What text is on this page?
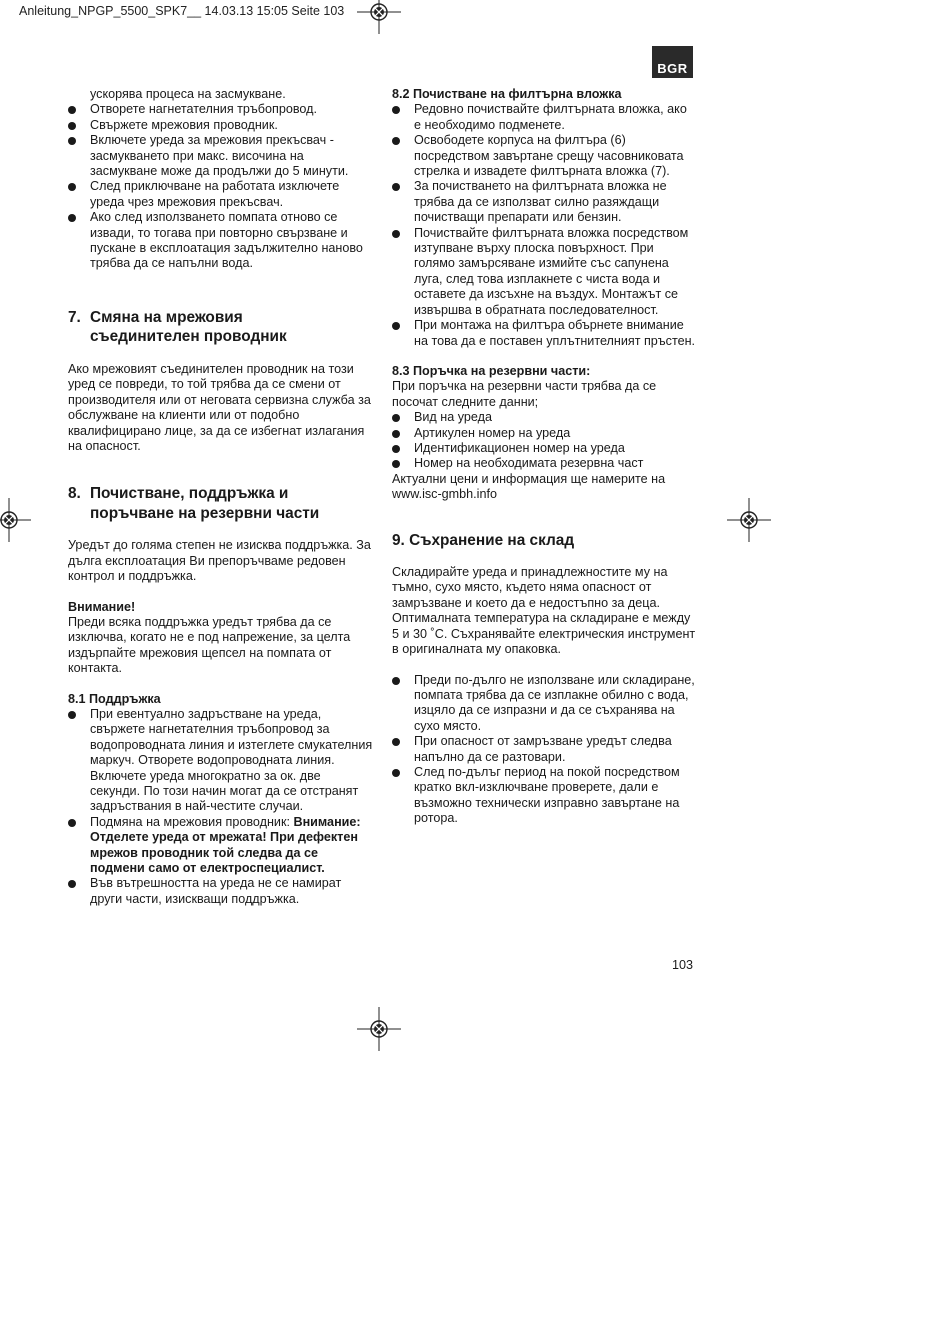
Anleitung_NPGP_5500_SPK7__ 14.03.13 15:05 Seite 103
BGR
ускорява процеса на засмукване.
Отворете нагнетателния тръбопровод.
Свържете мрежовия проводник.
Включете уреда за мрежовия прекъсвач - засмукването при макс. височина на засмукване може да продължи до 5 минути.
След приключване на работата изключете уреда чрез мрежовия прекъсвач.
Ако след използването помпата отново се извади, то тогава при повторно свързване и пускане в експлоатация задължително наново трябва да се напълни вода.
7. Смяна на мрежовия
съединителен проводник
Ако мрежовият съединителен проводник на този уред се повреди, то той трябва да се смени от производителя или от неговата сервизна служба за обслужване на клиенти или от подобно квалифицирано лице, за да се избегнат излагания на опасност.
8. Почистване, поддръжка и
поръчване на резервни части
Уредът до голяма степен не изисква поддръжка. За дълга експлоатация Ви препоръчваме редовен контрол и поддръжка.
Внимание!
Преди всяка поддръжка уредът трябва да се изключва, когато не е под напрежение, за целта издърпайте мрежовия щепсел на помпата от контакта.
8.1 Поддръжка
При евентуално задръстване на уреда, свържете нагнетателния тръбопровод за водопроводната линия и изтеглете смукателния маркуч. Отворете водопроводната линия. Включете уреда многократно за ок. две секунди. По този начин могат да се отстранят задръствания в най-честите случаи.
Подмяна на мрежовия проводник: Внимание: Отделете уреда от мрежата! При дефектен мрежов проводник той следва да се подмени само от електроспециалист.
Във вътрешността на уреда не се намират други части, изискващи поддръжка.
8.2 Почистване на филтърна вложка
Редовно почиствайте филтърната вложка, ако е необходимо подменете.
Освободете корпуса на филтъра (6) посредством завъртане срещу часовниковата стрелка и извадете филтърната вложка (7).
За почистването на филтърната вложка не трябва да се използват силно разяждащи почистващи препарати или бензин.
Почиствайте филтърната вложка посредством изтупване върху плоска повърхност. При голямо замърсяване измийте със сапунена луга, след това изплакнете с чиста вода и оставете да изсъхне на въздух. Монтажът се извършва в обратната последователност.
При монтажа на филтъра обърнете внимание на това да е поставен уплътнителният пръстен.
8.3 Поръчка на резервни части:
При поръчка на резервни части трябва да се посочат следните данни;
Вид на уреда
Артикулен номер на уреда
Идентификационен номер на уреда
Номер на необходимата резервна част
Актуални цени и информация ще намерите на www.isc-gmbh.info
9. Съхранение на склад
Складирайте уреда и принадлежностите му на тъмно, сухо място, където няма опасност от замръзване и което да е недостъпно за деца. Оптималната температура на складиране е между 5 и 30 ˚C. Съхранявайте електрическия инструмент в оригиналната му опаковка.
Преди по-дълго не използване или складиране, помпата трябва да се изплакне обилно с вода, изцяло да се изпразни и да се съхранява на сухо място.
При опасност от замръзване уредът следва напълно да се разтовари.
След по-дълъг период на покой посредством кратко вкл-изключване проверете, дали е възможно технически изправно завъртане на ротора.
103
